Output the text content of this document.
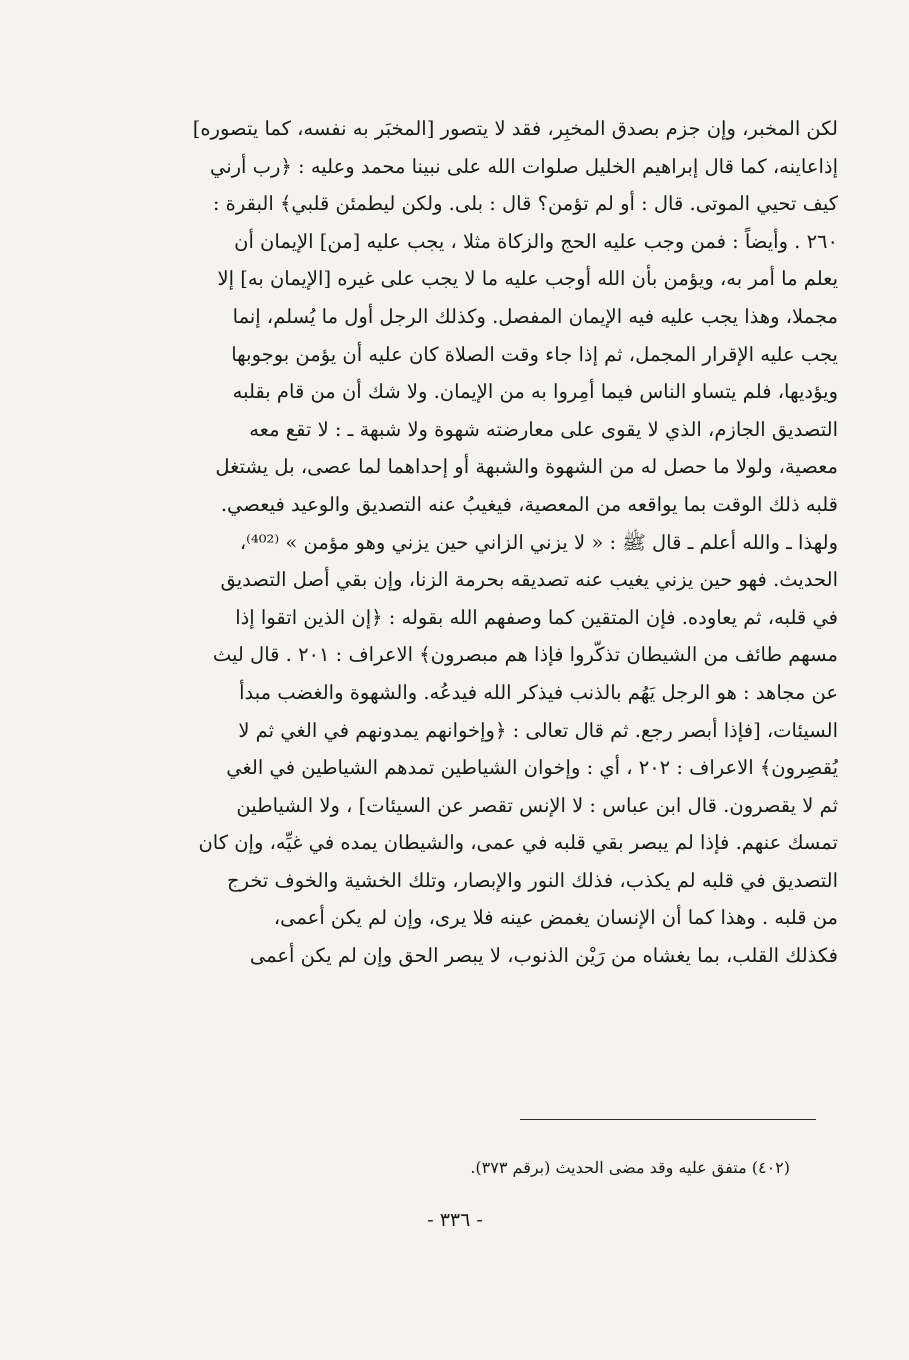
لكن المخبر، وإن جزم بصدق المخبِر، فقد لا يتصور [المخبَر به نفسه، كما يتصوره]
إذاعاينه، كما قال إبراهيم الخليل صلوات الله على نبينا محمد وعليه : ﴿رب أرني
كيف تحيي الموتى. قال : أو لم تؤمن؟ قال : بلى. ولكن ليطمئن قلبي﴾ البقرة :
٢٦٠ . وأيضاً : فمن وجب عليه الحج والزكاة مثلا ، يجب عليه [من] الإيمان أن
يعلم ما أمر به، ويؤمن بأن الله أوجب عليه ما لا يجب على غيره [الإيمان به] إلا
مجملا، وهذا يجب عليه فيه الإيمان المفصل. وكذلك الرجل أول ما يُسلم، إنما
يجب عليه الإقرار المجمل، ثم إذا جاء وقت الصلاة كان عليه أن يؤمن بوجوبها
ويؤديها، فلم يتساو الناس فيما أمِروا به من الإيمان. ولا شك أن من قام بقلبه
التصديق الجازم، الذي لا يقوى على معارضته شهوة ولا شبهة ـ : لا تقع معه
معصية، ولولا ما حصل له من الشهوة والشبهة أو إحداهما لما عصى، بل يشتغل
قلبه ذلك الوقت بما يواقعه من المعصية، فيغيبُ عنه التصديق والوعيد فيعصي.
ولهذا ـ والله أعلم ـ قال ﷺ : « لا يزني الزاني حين يزني وهو مؤمن » ⁽⁴⁰²⁾،
الحديث. فهو حين يزني يغيب عنه تصديقه بحرمة الزنا، وإن بقي أصل التصديق
في قلبه، ثم يعاوده. فإن المتقين كما وصفهم الله بقوله : ﴿إن الذين اتقوا إذا
مسهم طائف من الشيطان تذكّروا فإذا هم مبصرون﴾ الاعراف : ٢٠١ . قال ليث
عن مجاهد : هو الرجل يَهُم بالذنب فيذكر الله فيدعُه. والشهوة والغضب مبدأ
السيئات، [فإذا أبصر رجع. ثم قال تعالى : ﴿وإخوانهم يمدونهم في الغي ثم لا
يُقصِرون﴾ الاعراف : ٢٠٢ ، أي : وإخوان الشياطين تمدهم الشياطين في الغي
ثم لا يقصرون. قال ابن عباس : لا الإنس تقصر عن السيئات] ، ولا الشياطين
تمسك عنهم. فإذا لم يبصر بقي قلبه في عمى، والشيطان يمده في غيِّه، وإن كان
التصديق في قلبه لم يكذب، فذلك النور والإبصار، وتلك الخشية والخوف تخرج
من قلبه . وهذا كما أن الإنسان يغمض عينه فلا يرى، وإن لم يكن أعمى،
فكذلك القلب، بما يغشاه من رَيْن الذنوب، لا يبصر الحق وإن لم يكن أعمى
(٤٠٢) متفق عليه وقد مضى الحديث (برقم ٣٧٣).
- ٣٣٦ -
